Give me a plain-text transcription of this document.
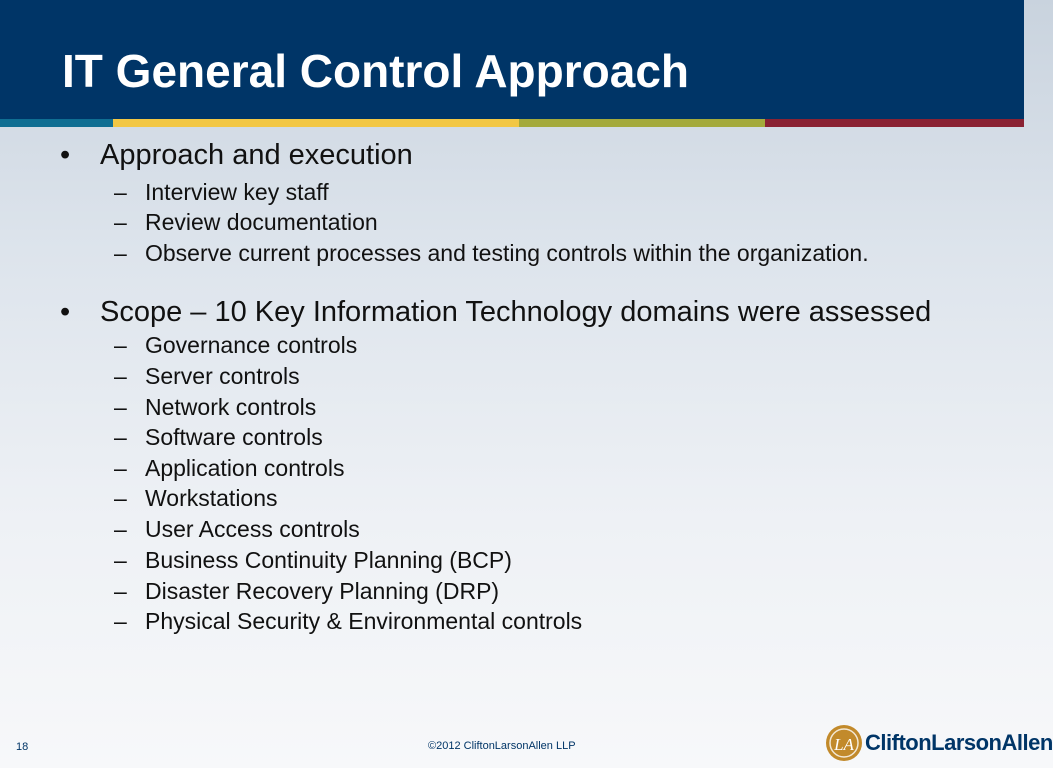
IT General Control Approach
• Approach and execution
– Interview key staff
– Review documentation
– Observe current processes and testing controls within the organization.
• Scope – 10 Key Information Technology domains were assessed
– Governance controls
– Server controls
– Network controls
– Software controls
– Application controls
– Workstations
– User Access controls
– Business Continuity Planning (BCP)
– Disaster Recovery Planning (DRP)
– Physical Security & Environmental controls
18	©2012 CliftonLarsonAllen LLP	LA CliftonLarsonAllen
